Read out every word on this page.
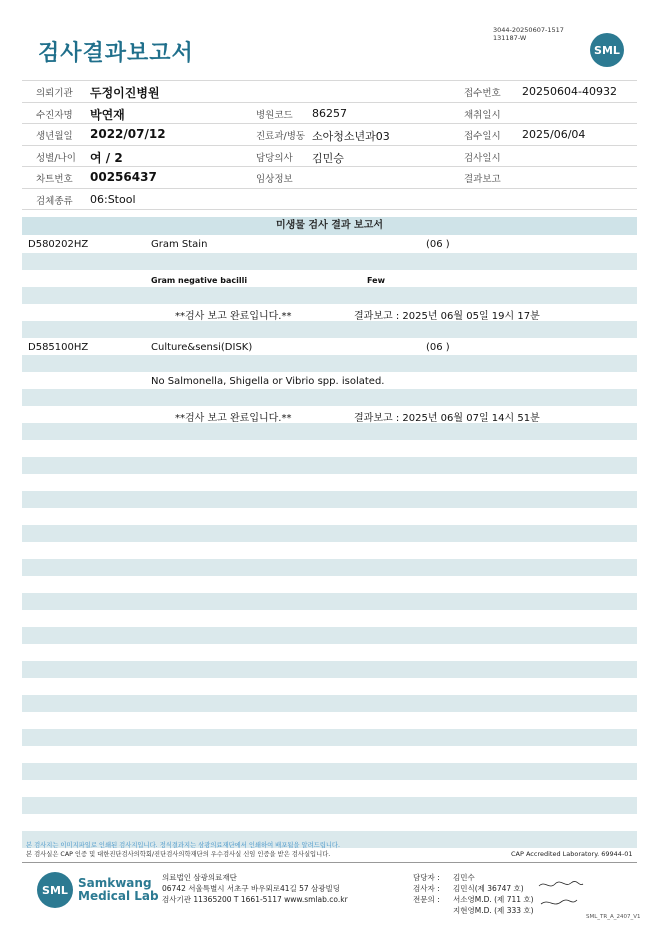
검사결과보고서
3044-20250607-1517
131187-W
SML
의뢰기관 두정이진병원	접수번호 20250604-40932
수진자명 박연재	병원코드 86257	채취일시
생년월일 2022/07/12	진료과/병동 소아청소년과03	접수일시 2025/06/04
성별/나이 여 / 2	담당의사 김민승	검사일시
차트번호 00256437	임상정보	결과보고
검체종류 06:Stool
미생물 검사 결과 보고서
D580202HZ	Gram Stain	(06 )
Gram negative bacilli	Few
**검사 보고 완료입니다.**	결과보고 : 2025년 06월 05일 19시 17분
D585100HZ	Culture&sensi(DISK)	(06 )
No Salmonella, Shigella or Vibrio spp. isolated.
**검사 보고 완료입니다.**	결과보고 : 2025년 06월 07일 14시 51분
본 검사지는 이미지파일로 인쇄된 검사지입니다. 정식결과지는 삼광의료재단에서 인쇄하여 배포됨을 알려드립니다.
본 검사실은 CAP 인증 및 대한진단검사의학회/진단검사의학재단의 우수검사실 신임 인증을 받은 검사실입니다.	CAP Accredited Laboratory. 69944-01
SML Samkwang
Medical Lab
의료법인 삼광의료재단
06742 서울특별시 서초구 바우뫼로41길 57 삼광빌딩
검사기관 11365200 T 1661-5117 www.smlab.co.kr
담당자 : 김민수
검사자 : 김민식(제 36747 호)
전문의 : 서소영M.D. (제 711 호)
지현영M.D. (제 333 호)
SML_TR_A_2407_V1
